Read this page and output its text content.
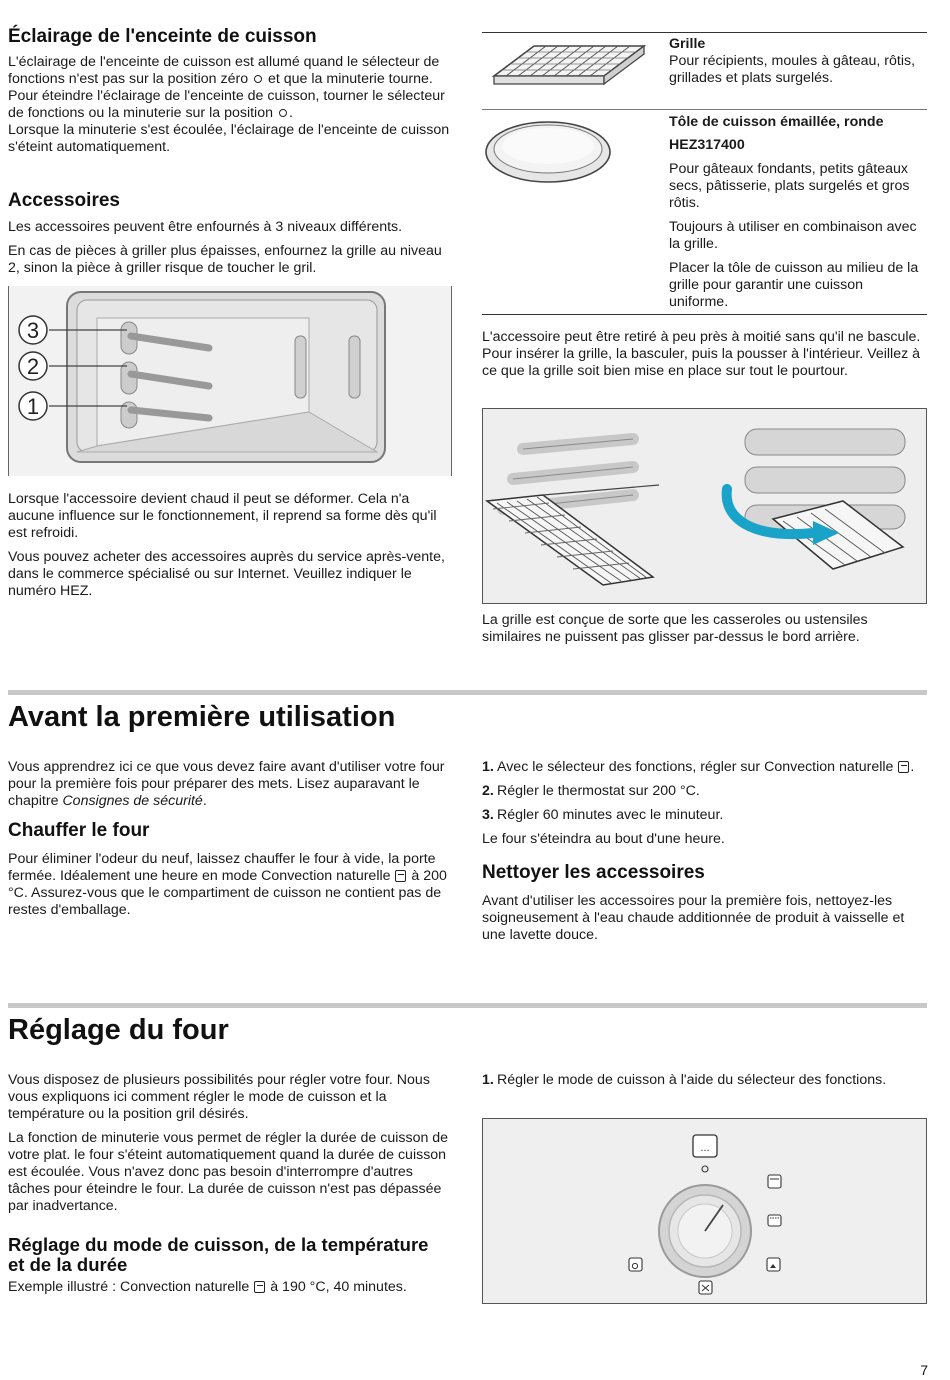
Éclairage de l'enceinte de cuisson

L'éclairage de l'enceinte de cuisson est allumé quand le sélecteur de fonctions n'est pas sur la position zéro et que la minuterie tourne. Pour éteindre l'éclairage de l'enceinte de cuisson, tourner le sélecteur de fonctions ou la minuterie sur la position .

Lorsque la minuterie s'est écoulée, l'éclairage de l'enceinte de cuisson s'éteint automatiquement.

Accessoires

Les accessoires peuvent être enfournés à 3 niveaux différents.

En cas de pièces à griller plus épaisses, enfournez la grille au niveau 2, sinon la pièce à griller risque de toucher le gril.

3
2
1

Lorsque l'accessoire devient chaud il peut se déformer. Cela n'a aucune influence sur le fonctionnement, il reprend sa forme dès qu'il est refroidi.

Vous pouvez acheter des accessoires auprès du service après-vente, dans le commerce spécialisé ou sur Internet. Veuillez indiquer le numéro HEZ.

Grille
Pour récipients, moules à gâteau, rôtis, grillades et plats surgelés.

Tôle de cuisson émaillée, ronde

HEZ317400

Pour gâteaux fondants, petits gâteaux secs, pâtisserie, plats surgelés et gros rôtis.

Toujours à utiliser en combinaison avec la grille.

Placer la tôle de cuisson au milieu de la grille pour garantir une cuisson uniforme.

L'accessoire peut être retiré à peu près à moitié sans qu'il ne bascule. Pour insérer la grille, la basculer, puis la pousser à l'intérieur. Veillez à ce que la grille soit bien mise en place sur tout le pourtour.
La grille est conçue de sorte que les casseroles ou ustensiles similaires ne puissent pas glisser par-dessus le bord arrière.
Avant la première utilisation

Vous apprendrez ici ce que vous devez faire avant d'utiliser votre four pour la première fois pour préparer des mets. Lisez auparavant le chapitre Consignes de sécurité.

Chauffer le four

Pour éliminer l'odeur du neuf, laissez chauffer le four à vide, la porte fermée. Idéalement une heure en mode Convection naturelle à 200 °C. Assurez-vous que le compartiment de cuisson ne contient pas de restes d'emballage.

1. Avec le sélecteur des fonctions, régler sur Convection naturelle .
2. Régler le thermostat sur 200 °C.
3. Régler 60 minutes avec le minuteur.

Le four s'éteindra au bout d'une heure.

Nettoyer les accessoires

Avant d'utiliser les accessoires pour la première fois, nettoyez-les soigneusement à l'eau chaude additionnée de produit à vaisselle et une lavette douce.

Réglage du four

Vous disposez de plusieurs possibilités pour régler votre four. Nous vous expliquons ici comment régler le mode de cuisson et la température ou la position gril désirés.

La fonction de minuterie vous permet de régler la durée de cuisson de votre plat. le four s'éteint automatiquement quand la durée de cuisson est écoulée. Vous n'avez donc pas besoin d'interrompre d'autres tâches pour éteindre le four. La durée de cuisson n'est pas dépassée par inadvertance.

Réglage du mode de cuisson, de la température et de la durée

Exemple illustré : Convection naturelle à 190 °C, 40 minutes.

1. Régler le mode de cuisson à l'aide du sélecteur des fonctions.
...
7
